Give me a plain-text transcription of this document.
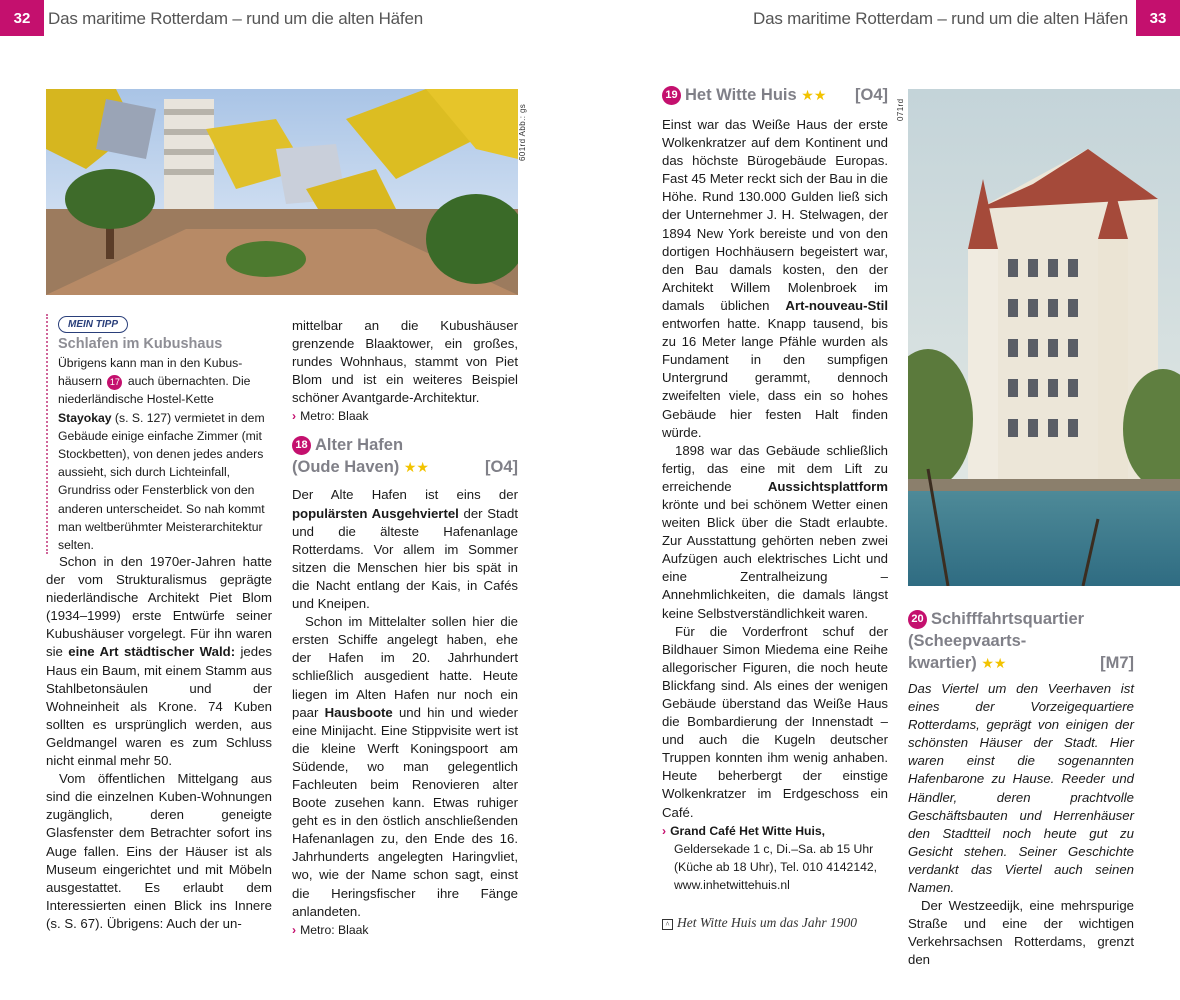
32	Das maritime Rotterdam – rund um die alten Häfen
601rd Abb.: gs
MEIN TIPP
Schlafen im Kubushaus
Übrigens kann man in den Kubus- häusern 17 auch übernachten. Die niederländische Hostel-Kette Stayokay (s. S. 127) vermietet in dem Gebäude einige einfache Zimmer (mit Stockbetten), von denen jedes anders aussieht, sich durch Lichteinfall, Grundriss oder Fensterblick von den anderen unterscheidet. So nah kommt man weltberühmter Meisterarchitektur selten.

Schon in den 1970er-Jahren hatte der vom Strukturalismus geprägte niederländische Architekt Piet Blom (1934–1999) erste Entwürfe seiner Kubushäuser vorgelegt. Für ihn waren sie eine Art städtischer Wald: jedes Haus ein Baum, mit einem Stamm aus Stahlbetonsäulen und der Wohneinheit als Krone. 74 Kuben sollten es ursprünglich werden, aus Geldmangel waren es zum Schluss nicht einmal mehr 50.

Vom öffentlichen Mittelgang aus sind die einzelnen Kuben-Wohnungen zugänglich, deren geneigte Glasfenster dem Betrachter sofort ins Auge fallen. Eins der Häuser ist als Museum eingerichtet und mit Möbeln ausgestattet. Es erlaubt dem Interessierten einen Blick ins Innere (s. S. 67). Übrigens: Auch der un-

mittelbar an die Kubushäuser grenzende Blaaktower, ein großes, rundes Wohnhaus, stammt von Piet Blom und ist ein weiteres Beispiel schöner Avantgarde-Architektur.

› Metro: Blaak
18 Alter Hafen
(Oude Haven) ★★	[O4]

Der Alte Hafen ist eins der populärsten Ausgehviertel der Stadt und die älteste Hafenanlage Rotterdams. Vor allem im Sommer sitzen die Menschen hier bis spät in die Nacht entlang der Kais, in Cafés und Kneipen.

Schon im Mittelalter sollen hier die ersten Schiffe angelegt haben, ehe der Hafen im 20. Jahrhundert schließlich ausgedient hatte. Heute liegen im Alten Hafen nur noch ein paar Hausboote und hin und wieder eine Minijacht. Eine Stippvisite wert ist die kleine Werft Koningspoort am Südende, wo man gelegentlich Fachleuten beim Renovieren alter Boote zusehen kann. Etwas ruhiger geht es in den östlich anschließenden Hafenanlagen zu, den Ende des 16. Jahrhunderts angelegten Haringvliet, wo, wie der Name schon sagt, einst die Heringsfischer ihre Fänge anlandeten.

› Metro: Blaak
33
Das maritime Rotterdam – rund um die alten Häfen
071rd
19 Het Witte Huis ★★ [O4]

Einst war das Weiße Haus der erste Wolkenkratzer auf dem Kontinent und das höchste Bürogebäude Europas. Fast 45 Meter reckt sich der Bau in die Höhe. Rund 130.000 Gulden ließ sich der Unternehmer J. H. Stelwagen, der 1894 New York bereiste und von den dortigen Hochhäusern begeistert war, den Bau damals kosten, den der Architekt Willem Molenbroek im damals üblichen Art-nouveau-Stil entworfen hatte. Knapp tausend, bis zu 16 Meter lange Pfähle wurden als Fundament in den sumpfigen Untergrund gerammt, dennoch zweifelten viele, dass ein so hohes Gebäude hier festen Halt finden würde.

1898 war das Gebäude schließlich fertig, das eine mit dem Lift zu erreichende	Aussichtsplattform krönte und bei schönem Wetter einen weiten Blick über die Stadt erlaubte. Zur Ausstattung gehörten neben zwei Aufzügen auch elektrisches Licht und eine Zentralheizung – Annehmlichkeiten, die damals längst keine Selbstverständlichkeit waren.

Für die Vorderfront schuf der Bildhauer Simon Miedema eine Reihe allegorischer Figuren, die noch heute Blickfang sind. Als eines der wenigen Gebäude überstand das Weiße Haus die Bombardierung der Innenstadt – und auch die Kugeln deutscher Truppen konnten ihm wenig anhaben. Heute beherbergt der einstige Wolkenkratzer im Erdgeschoss ein Café.

› Grand Café Het Witte Huis, Geldersekade 1 c, Di.–Sa. ab 15 Uhr (Küche ab 18 Uhr), Tel. 010 4142142, www.inhetwittehuis.nl
^ Het Witte Huis um das Jahr 1900
20 Schifffahrtsquartier
(Scheepvaarts-
kwartier) ★★	[M7]

Das Viertel um den Veerhaven ist eines der Vorzeigequartiere Rotterdams, geprägt von einigen der schönsten Häuser der Stadt. Hier waren einst die sogenannten Hafenbarone zu Hause. Reeder und Händler, deren prachtvolle Geschäftsbauten und Herrenhäuser den Stadtteil noch heute gut zu Gesicht stehen. Seiner Geschichte verdankt das Viertel auch seinen Namen.

Der Westzeedijk, eine mehrspurige Straße und eine der wichtigen Verkehrsachsen Rotterdams, grenzt den
